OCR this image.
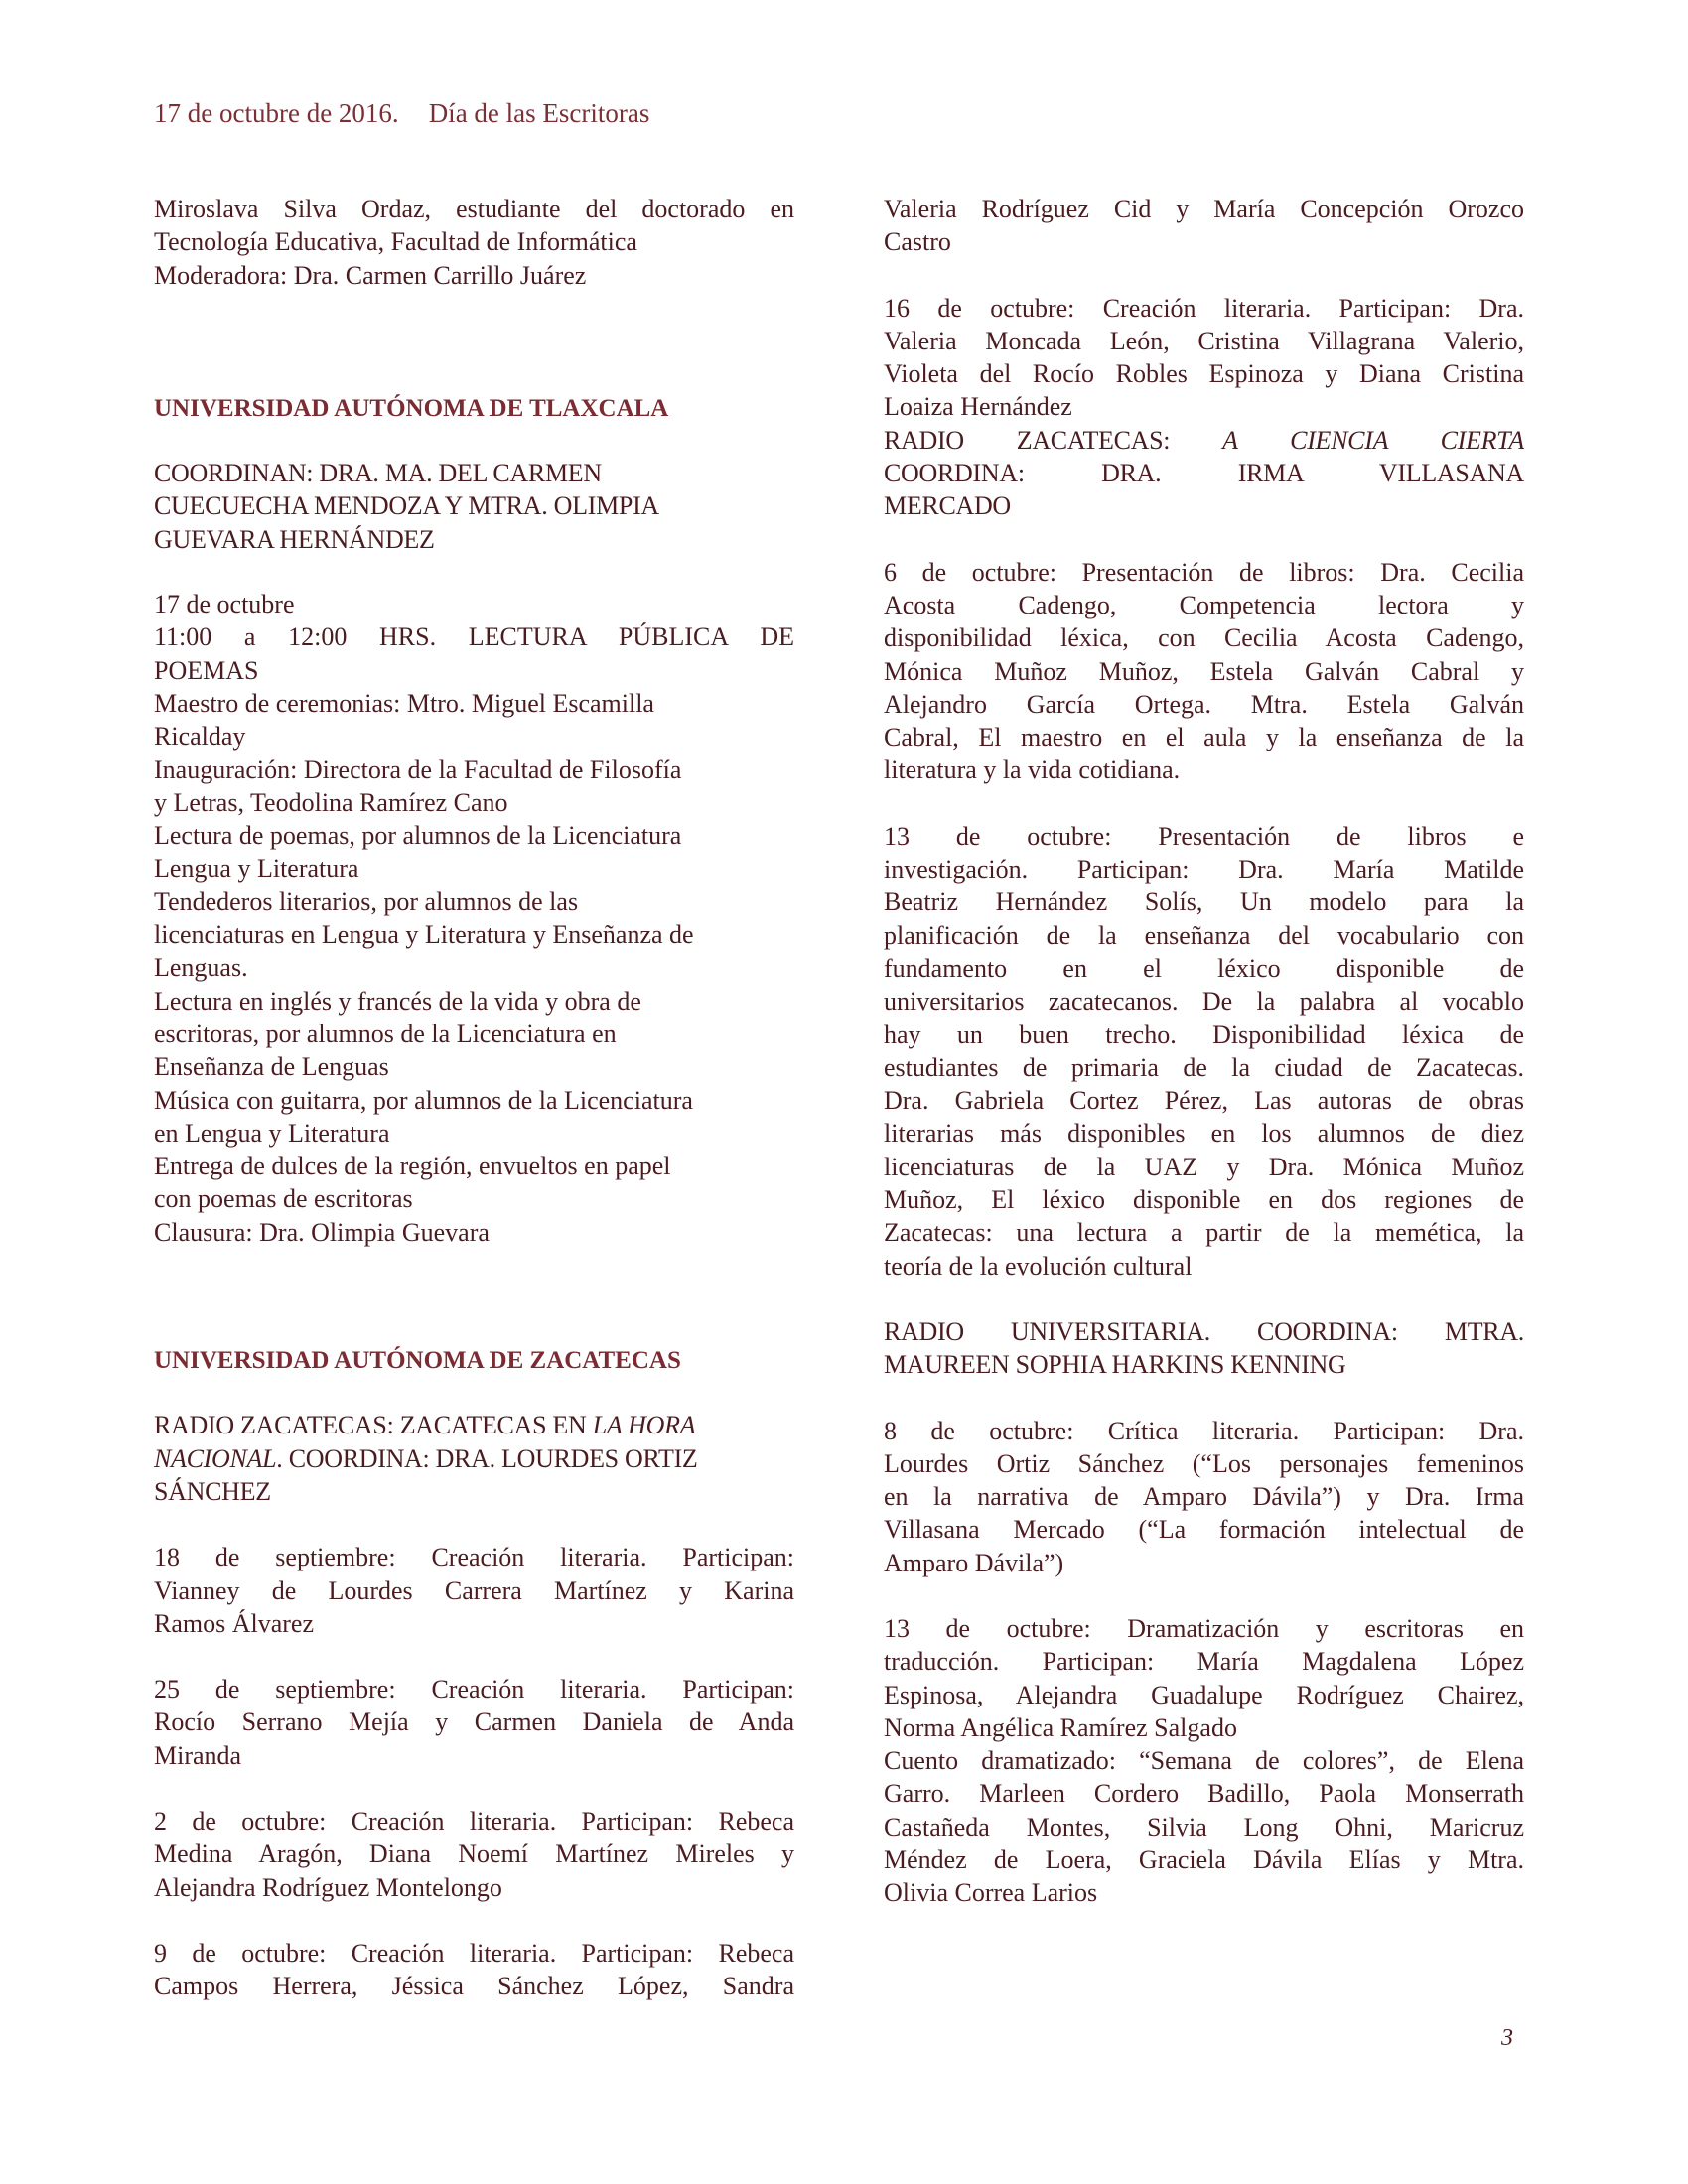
17 de octubre de 2016. Día de las Escritoras
Miroslava Silva Ordaz, estudiante del doctorado en
Tecnología Educativa, Facultad de Informática
Moderadora: Dra. Carmen Carrillo Juárez
UNIVERSIDAD AUTÓNOMA DE TLAXCALA
COORDINAN: DRA. MA. DEL CARMEN
CUECUECHA MENDOZA Y MTRA. OLIMPIA
GUEVARA HERNÁNDEZ
17 de octubre
11:00 a 12:00 HRS. LECTURA PÚBLICA DE
POEMAS
Maestro de ceremonias: Mtro. Miguel Escamilla
Ricalday
Inauguración: Directora de la Facultad de Filosofía
y Letras, Teodolina Ramírez Cano
Lectura de poemas, por alumnos de la Licenciatura
Lengua y Literatura
Tendederos literarios, por alumnos de las
licenciaturas en Lengua y Literatura y Enseñanza de
Lenguas.
Lectura en inglés y francés de la vida y obra de
escritoras, por alumnos de la Licenciatura en
Enseñanza de Lenguas
Música con guitarra, por alumnos de la Licenciatura
en Lengua y Literatura
Entrega de dulces de la región, envueltos en papel
con poemas de escritoras
Clausura: Dra. Olimpia Guevara
UNIVERSIDAD AUTÓNOMA DE ZACATECAS
RADIO ZACATECAS: ZACATECAS EN LA HORA
NACIONAL. COORDINA: DRA. LOURDES ORTIZ
SÁNCHEZ
18 de septiembre: Creación literaria. Participan:
Vianney de Lourdes Carrera Martínez y Karina
Ramos Álvarez
25 de septiembre: Creación literaria. Participan:
Rocío Serrano Mejía y Carmen Daniela de Anda
Miranda
2 de octubre: Creación literaria. Participan: Rebeca
Medina Aragón, Diana Noemí Martínez Mireles y
Alejandra Rodríguez Montelongo
9 de octubre: Creación literaria. Participan: Rebeca
Campos Herrera, Jéssica Sánchez López, Sandra
Valeria Rodríguez Cid y María Concepción Orozco
Castro
16 de octubre: Creación literaria. Participan: Dra.
Valeria Moncada León, Cristina Villagrana Valerio,
Violeta del Rocío Robles Espinoza y Diana Cristina
Loaiza Hernández
RADIO ZACATECAS: A CIENCIA CIERTA
COORDINA: DRA. IRMA VILLASANA
MERCADO
6 de octubre: Presentación de libros: Dra. Cecilia
Acosta Cadengo, Competencia lectora y
disponibilidad léxica, con Cecilia Acosta Cadengo,
Mónica Muñoz Muñoz, Estela Galván Cabral y
Alejandro García Ortega. Mtra. Estela Galván
Cabral, El maestro en el aula y la enseñanza de la
literatura y la vida cotidiana.
13 de octubre: Presentación de libros e
investigación. Participan: Dra. María Matilde
Beatriz Hernández Solís, Un modelo para la
planificación de la enseñanza del vocabulario con
fundamento en el léxico disponible de
universitarios zacatecanos. De la palabra al vocablo
hay un buen trecho. Disponibilidad léxica de
estudiantes de primaria de la ciudad de Zacatecas.
Dra. Gabriela Cortez Pérez, Las autoras de obras
literarias más disponibles en los alumnos de diez
licenciaturas de la UAZ y Dra. Mónica Muñoz
Muñoz, El léxico disponible en dos regiones de
Zacatecas: una lectura a partir de la memética, la
teoría de la evolución cultural
RADIO UNIVERSITARIA. COORDINA: MTRA.
MAUREEN SOPHIA HARKINS KENNING
8 de octubre: Crítica literaria. Participan: Dra.
Lourdes Ortiz Sánchez (“Los personajes femeninos
en la narrativa de Amparo Dávila”) y Dra. Irma
Villasana Mercado (“La formación intelectual de
Amparo Dávila”)
13 de octubre: Dramatización y escritoras en
traducción. Participan: María Magdalena López
Espinosa, Alejandra Guadalupe Rodríguez Chairez,
Norma Angélica Ramírez Salgado
Cuento dramatizado: “Semana de colores”, de Elena
Garro. Marleen Cordero Badillo, Paola Monserrath
Castañeda Montes, Silvia Long Ohni, Maricruz
Méndez de Loera, Graciela Dávila Elías y Mtra.
Olivia Correa Larios
3
